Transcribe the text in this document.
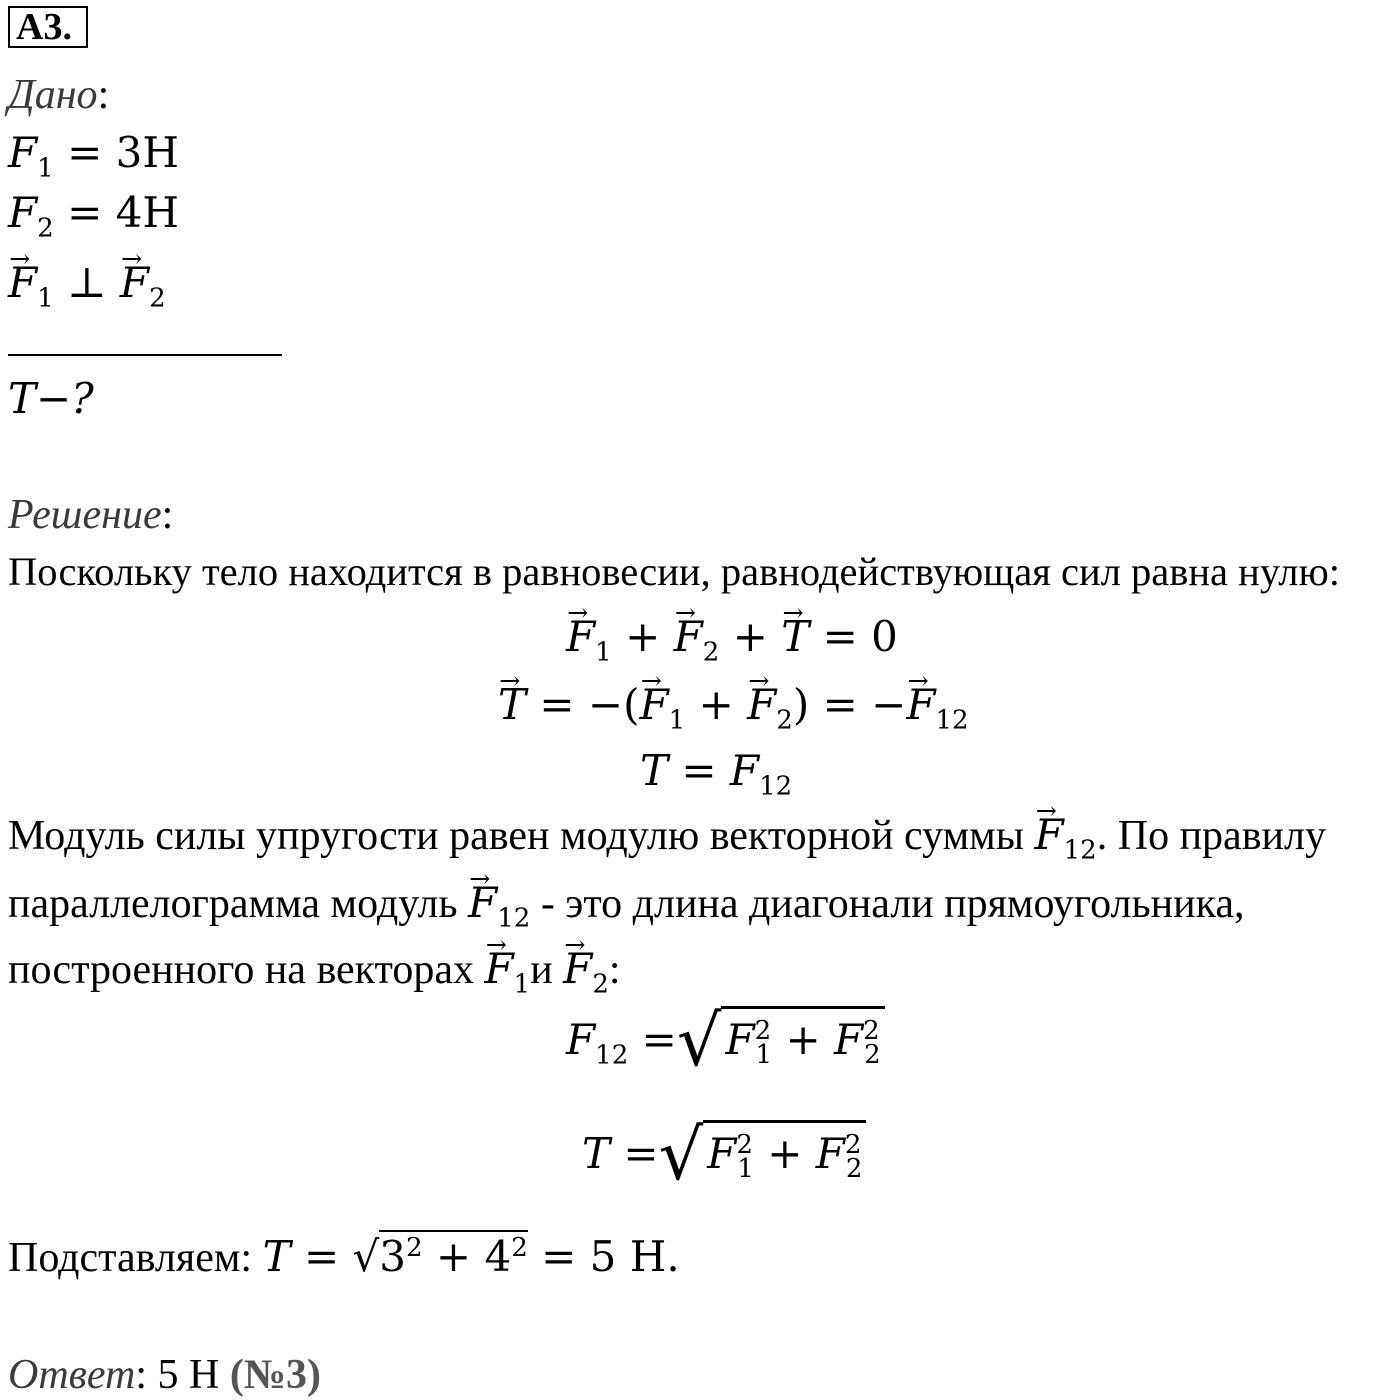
А3.
Дано:
$F_1 = 3Н$
$F_2 = 4Н$
→ $F_1$ ⊥ → $F_2$
T−?
Решение:
Поскольку тело находится в равновесии, равнодействующая сил равна нулю:
→ $F_1$ + → $F_2$ + → T = 0
→ T = −(→ $F_1$ + → $F_2$) = −→ $F_{12}$
$T = F_{12}$
Модуль силы упругости равен модулю векторной суммы → $F_{12}$. По правилу
параллелограмма модуль → $F_{12}$ - это длина диагонали прямоугольника,
построенного на векторах → $F_1и \to F_2$:
$F_{12}$ = √ $F^2_1 + F^2_2$
T = √ $F^2_1 + F^2_2$
Подставляем: $T = √3^2 + 4^2 = 5$ Н.
Ответ: 5 Н (№3)
